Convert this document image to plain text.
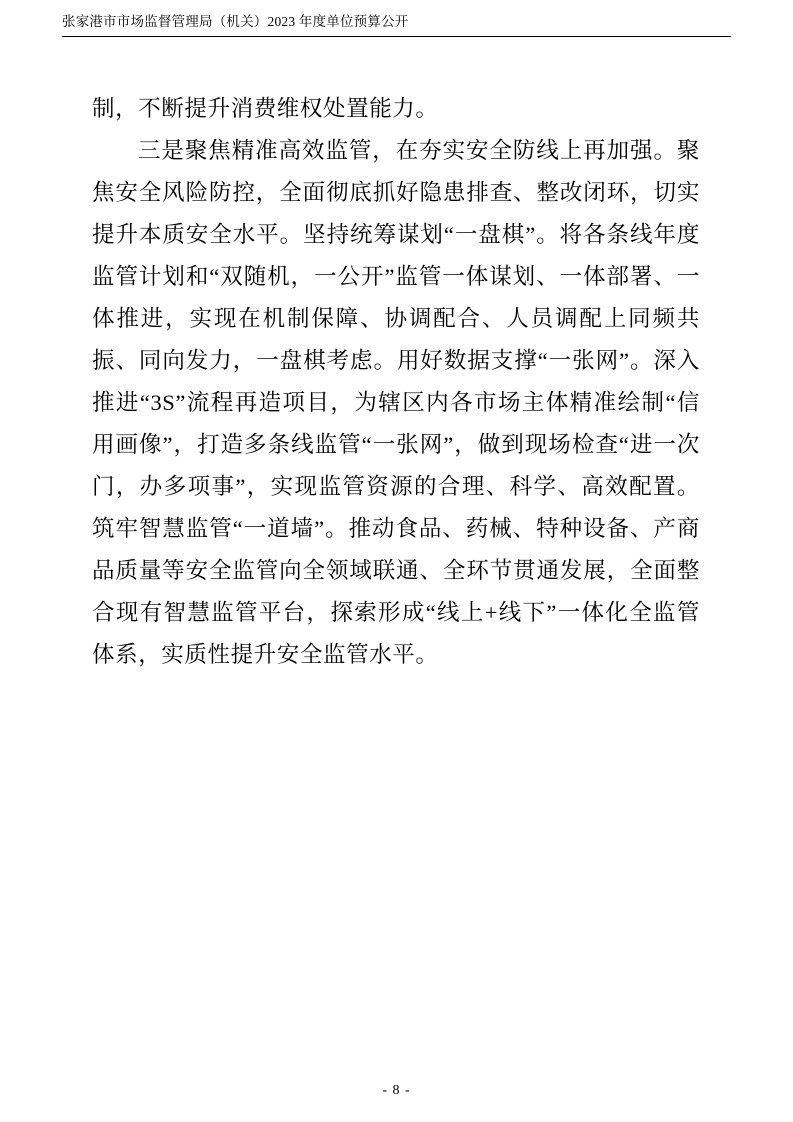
张家港市市场监督管理局（机关）2023 年度单位预算公开

制，不断提升消费维权处置能力。

三是聚焦精准高效监管，在夯实安全防线上再加强。聚焦安全风险防控，全面彻底抓好隐患排查、整改闭环，切实提升本质安全水平。坚持统筹谋划“一盘棋”。将各条线年度监管计划和“双随机，一公开”监管一体谋划、一体部署、一体推进，实现在机制保障、协调配合、人员调配上同频共振、同向发力，一盘棋考虑。用好数据支撑“一张网”。深入推进“3S”流程再造项目，为辖区内各市场主体精准绘制“信用画像”，打造多条线监管“一张网”，做到现场检查“进一次门，办多项事”，实现监管资源的合理、科学、高效配置。筑牢智慧监管“一道墙”。推动食品、药械、特种设备、产商品质量等安全监管向全领域联通、全环节贯通发展，全面整合现有智慧监管平台，探索形成“线上+线下”一体化全监管体系，实质性提升安全监管水平。

- 8 -
